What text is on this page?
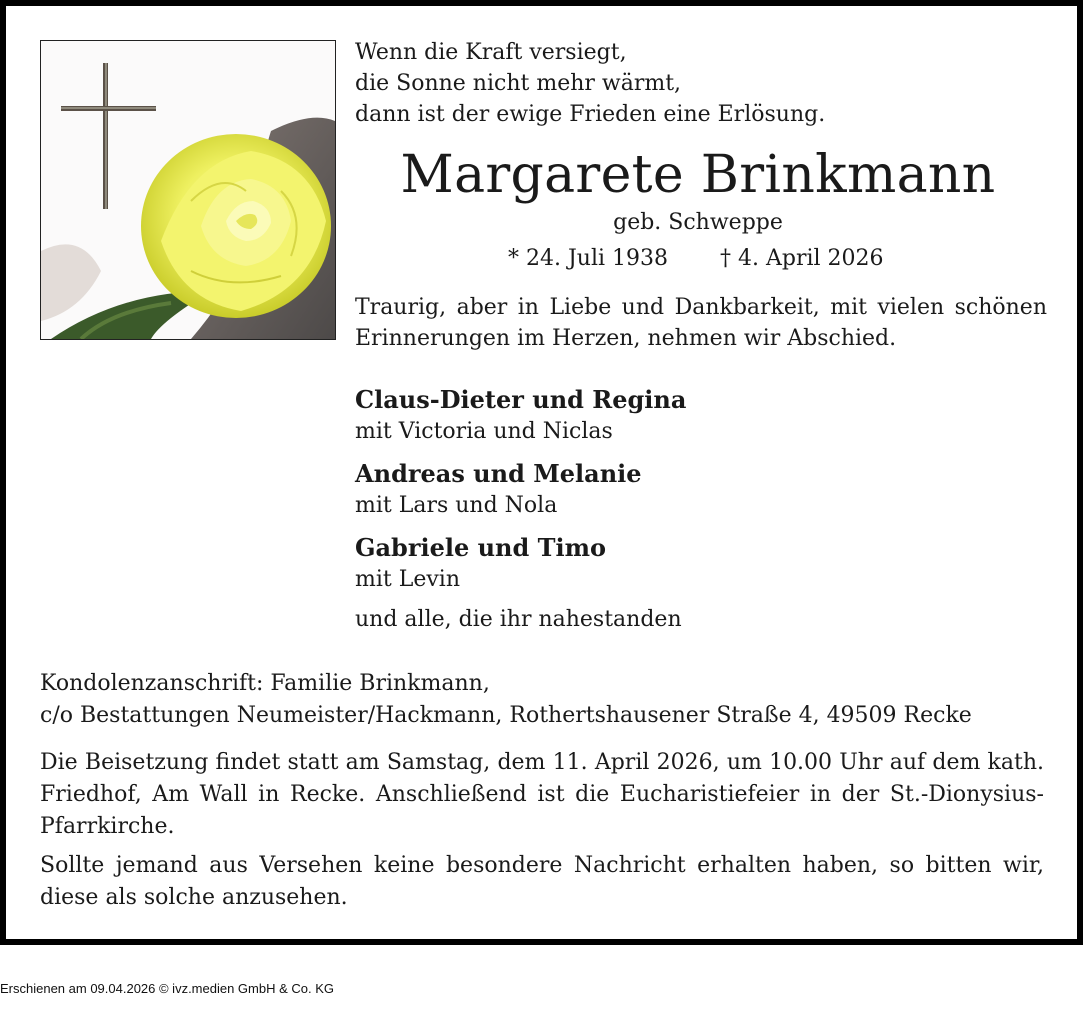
Wenn die Kraft versiegt,
die Sonne nicht mehr wärmt,
dann ist der ewige Frieden eine Erlösung.
Margarete Brinkmann
geb. Schweppe
* 24. Juli 1938 † 4. April 2026
Traurig, aber in Liebe und Dankbarkeit, mit vielen schönen
Erinnerungen im Herzen, nehmen wir Abschied.
Claus-Dieter und Regina
mit Victoria und Niclas
Andreas und Melanie
mit Lars und Nola
Gabriele und Timo
mit Levin
und alle, die ihr nahestanden
Kondolenzanschrift: Familie Brinkmann,
c/o Bestattungen Neumeister/Hackmann, Rothertshausener Straße 4, 49509 Recke
Die Beisetzung findet statt am Samstag, dem 11. April 2026, um 10.00 Uhr auf dem kath.
Friedhof, Am Wall in Recke. Anschließend ist die Eucharistiefeier in der St.-Dionysius-
Pfarrkirche.
Sollte jemand aus Versehen keine besondere Nachricht erhalten haben, so bitten wir,
diese als solche anzusehen.
Erschienen am 09.04.2026 © ivz.medien GmbH & Co. KG
